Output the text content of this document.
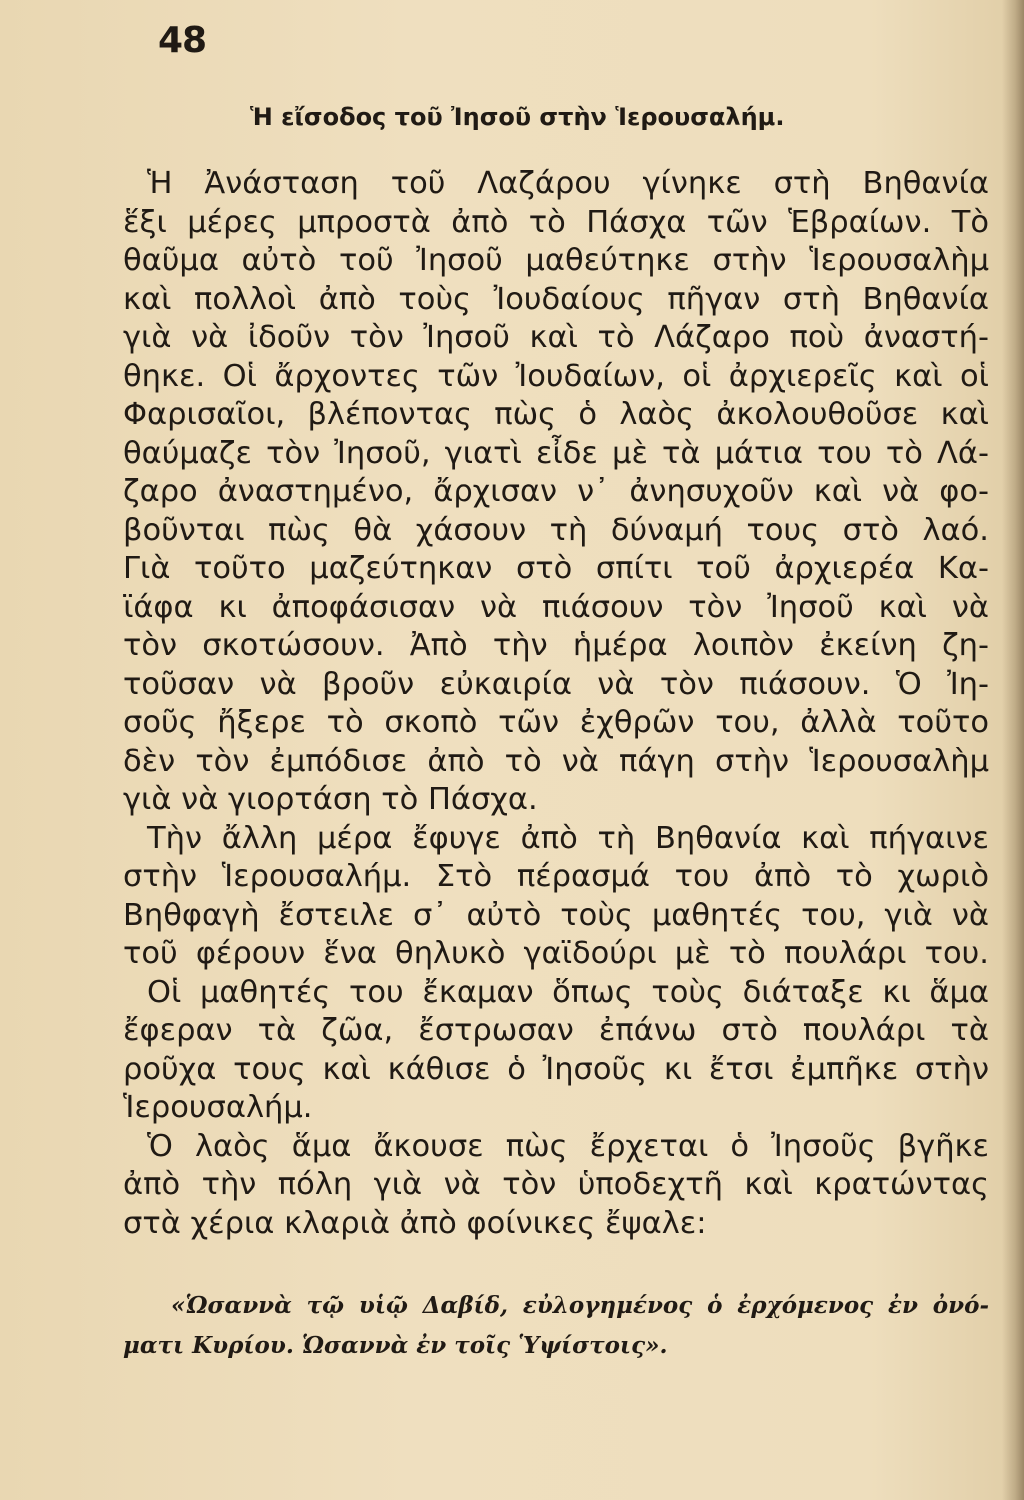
48
Ἡ εἴσοδος τοῦ Ἰησοῦ στὴν Ἱερουσαλήμ.
Ἡ Ἀνάσταση τοῦ Λαζάρου γίνηκε στὴ Βηθανία
ἕξι μέρες μπροστὰ ἀπὸ τὸ Πάσχα τῶν Ἑβραίων. Τὸ
θαῦμα αὐτὸ τοῦ Ἰησοῦ μαθεύτηκε στὴν Ἱερουσαλὴμ
καὶ πολλοὶ ἀπὸ τοὺς Ἰουδαίους πῆγαν στὴ Βηθανία
γιὰ νὰ ἰδοῦν τὸν Ἰησοῦ καὶ τὸ Λάζαρο ποὺ ἀναστή-
θηκε. Οἱ ἄρχοντες τῶν Ἰουδαίων, οἱ ἀρχιερεῖς καὶ οἱ
Φαρισαῖοι, βλέποντας πὼς ὁ λαὸς ἀκολουθοῦσε καὶ
θαύμαζε τὸν Ἰησοῦ, γιατὶ εἶδε μὲ τὰ μάτια του τὸ Λά-
ζαρο ἀναστημένο, ἄρχισαν ν᾽ ἀνησυχοῦν καὶ νὰ φο-
βοῦνται πὼς θὰ χάσουν τὴ δύναμή τους στὸ λαό.
Γιὰ τοῦτο μαζεύτηκαν στὸ σπίτι τοῦ ἀρχιερέα Κα-
ϊάφα κι ἀποφάσισαν νὰ πιάσουν τὸν Ἰησοῦ καὶ νὰ
τὸν σκοτώσουν. Ἀπὸ τὴν ἡμέρα λοιπὸν ἐκείνη ζη-
τοῦσαν νὰ βροῦν εὐκαιρία νὰ τὸν πιάσουν. Ὁ Ἰη-
σοῦς ἤξερε τὸ σκοπὸ τῶν ἐχθρῶν του, ἀλλὰ τοῦτο
δὲν τὸν ἐμπόδισε ἀπὸ τὸ νὰ πάγη στὴν Ἱερουσαλὴμ
γιὰ νὰ γιορτάση τὸ Πάσχα.
Τὴν ἄλλη μέρα ἔφυγε ἀπὸ τὴ Βηθανία καὶ πήγαινε
στὴν Ἱερουσαλήμ. Στὸ πέρασμά του ἀπὸ τὸ χωριὸ
Βηθφαγὴ ἔστειλε σ᾽ αὐτὸ τοὺς μαθητές του, γιὰ νὰ
τοῦ φέρουν ἕνα θηλυκὸ γαϊδούρι μὲ τὸ πουλάρι του.
Οἱ μαθητές του ἔκαμαν ὅπως τοὺς διάταξε κι ἅμα
ἔφεραν τὰ ζῶα, ἔστρωσαν ἐπάνω στὸ πουλάρι τὰ
ροῦχα τους καὶ κάθισε ὁ Ἰησοῦς κι ἔτσι ἐμπῆκε στὴν
Ἱερουσαλήμ.
Ὁ λαὸς ἅμα ἄκουσε πὼς ἔρχεται ὁ Ἰησοῦς βγῆκε
ἀπὸ τὴν πόλη γιὰ νὰ τὸν ὑποδεχτῆ καὶ κρατώντας
στὰ χέρια κλαριὰ ἀπὸ φοίνικες ἔψαλε:
«Ὡσαννὰ τῷ υἱῷ Δαβίδ, εὐλογημένος ὁ ἐρχόμενος ἐν ὀνό-
ματι Κυρίου. Ὡσαννὰ ἐν τοῖς Ὑψίστοις».
